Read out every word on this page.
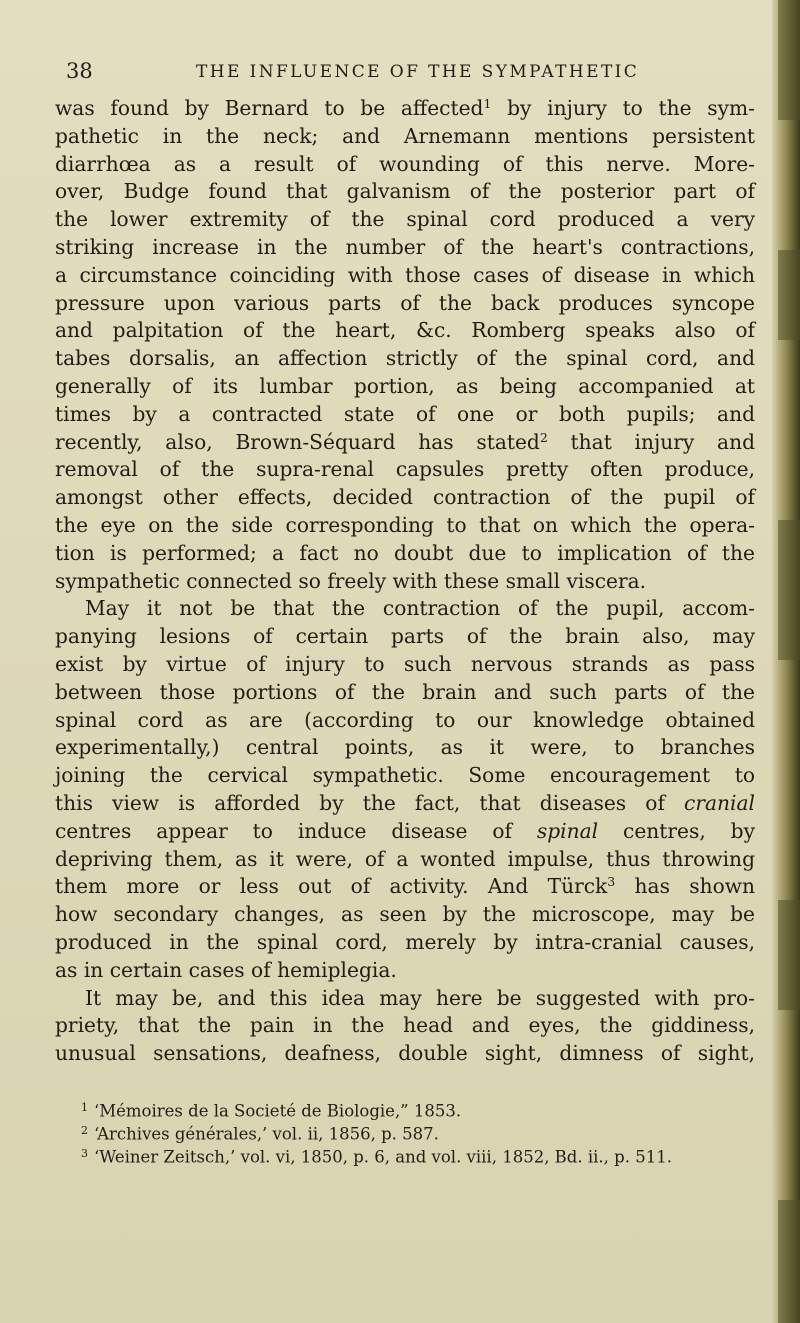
38	THE INFLUENCE OF THE SYMPATHETIC
was found by Bernard to be affected$^1$ by injury to the sym-
pathetic in the neck; and Arnemann mentions persistent
diarrhœa as a result of wounding of this nerve. More-
over, Budge found that galvanism of the posterior part of
the lower extremity of the spinal cord produced a very
striking increase in the number of the heart's contractions,
a circumstance coinciding with those cases of disease in which
pressure upon various parts of the back produces syncope
and palpitation of the heart, &c. Romberg speaks also of
tabes dorsalis, an affection strictly of the spinal cord, and
generally of its lumbar portion, as being accompanied at
times by a contracted state of one or both pupils; and
recently, also, Brown-Séquard has stated$^2$ that injury and
removal of the supra-renal capsules pretty often produce,
amongst other effects, decided contraction of the pupil of
the eye on the side corresponding to that on which the opera-
tion is performed; a fact no doubt due to implication of the
sympathetic connected so freely with these small viscera.
May it not be that the contraction of the pupil, accom-
panying lesions of certain parts of the brain also, may
exist by virtue of injury to such nervous strands as pass
between those portions of the brain and such parts of the
spinal cord as are (according to our knowledge obtained
experimentally,) central points, as it were, to branches
joining the cervical sympathetic. Some encouragement to
this view is afforded by the fact, that diseases of cranial
centres appear to induce disease of spinal centres, by
depriving them, as it were, of a wonted impulse, thus throwing
them more or less out of activity. And Türck$^3$ has shown
how secondary changes, as seen by the microscope, may be
produced in the spinal cord, merely by intra-cranial causes,
as in certain cases of hemiplegia.
It may be, and this idea may here be suggested with pro-
priety, that the pain in the head and eyes, the giddiness,
unusual sensations, deafness, double sight, dimness of sight,
$^1$ ‘Mémoires de la Societé de Biologie,” 1853.
$^2$ ‘Archives générales,’ vol. ii, 1856, p. 587.
$^3$ ‘Weiner Zeitsch,’ vol. vi, 1850, p. 6, and vol. viii, 1852, Bd. ii., p. 511.
